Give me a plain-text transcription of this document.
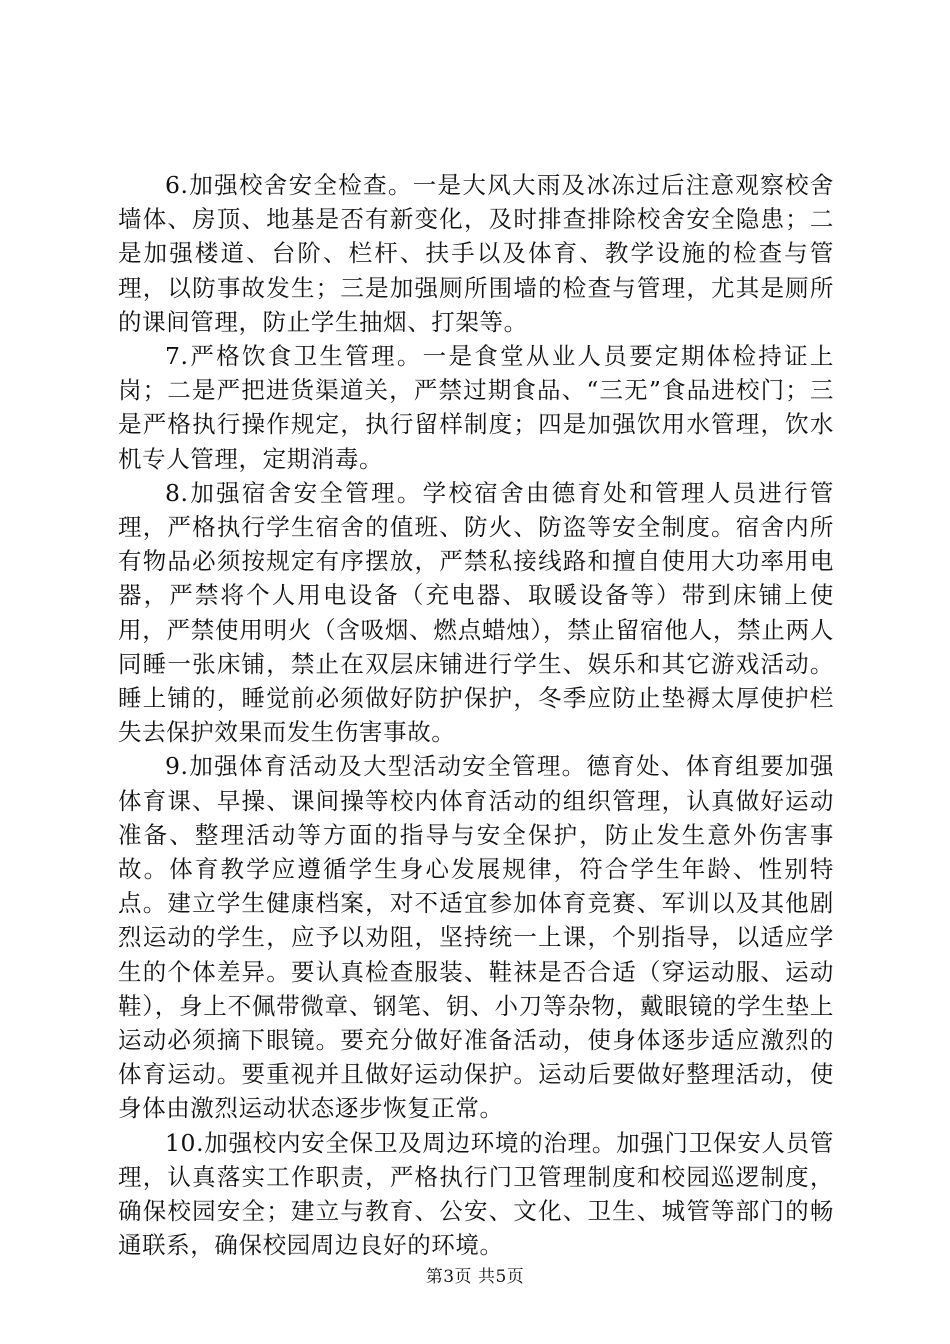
6.加强校舍安全检查。一是大风大雨及冰冻过后注意观察校舍墙体、房顶、地基是否有新变化，及时排查排除校舍安全隐患；二是加强楼道、台阶、栏杆、扶手以及体育、教学设施的检查与管理，以防事故发生；三是加强厕所围墙的检查与管理，尤其是厕所的课间管理，防止学生抽烟、打架等。

7.严格饮食卫生管理。一是食堂从业人员要定期体检持证上岗；二是严把进货渠道关，严禁过期食品、“三无”食品进校门；三是严格执行操作规定，执行留样制度；四是加强饮用水管理，饮水机专人管理，定期消毒。

8.加强宿舍安全管理。学校宿舍由德育处和管理人员进行管理，严格执行学生宿舍的值班、防火、防盗等安全制度。宿舍内所有物品必须按规定有序摆放，严禁私接线路和擅自使用大功率用电器，严禁将个人用电设备（充电器、取暖设备等）带到床铺上使用，严禁使用明火（含吸烟、燃点蜡烛），禁止留宿他人，禁止两人同睡一张床铺，禁止在双层床铺进行学生、娱乐和其它游戏活动。睡上铺的，睡觉前必须做好防护保护，冬季应防止垫褥太厚使护栏失去保护效果而发生伤害事故。

9.加强体育活动及大型活动安全管理。德育处、体育组要加强体育课、早操、课间操等校内体育活动的组织管理，认真做好运动准备、整理活动等方面的指导与安全保护，防止发生意外伤害事故。体育教学应遵循学生身心发展规律，符合学生年龄、性别特点。建立学生健康档案，对不适宜参加体育竞赛、军训以及其他剧烈运动的学生，应予以劝阻，坚持统一上课，个别指导，以适应学生的个体差异。要认真检查服装、鞋袜是否合适（穿运动服、运动鞋），身上不佩带微章、钢笔、钥、小刀等杂物，戴眼镜的学生垫上运动必须摘下眼镜。要充分做好准备活动，使身体逐步适应激烈的体育运动。要重视并且做好运动保护。运动后要做好整理活动，使身体由激烈运动状态逐步恢复正常。

10.加强校内安全保卫及周边环境的治理。加强门卫保安人员管理，认真落实工作职责，严格执行门卫管理制度和校园巡逻制度，确保校园安全；建立与教育、公安、文化、卫生、城管等部门的畅通联系，确保校园周边良好的环境。

第3页 共5页
